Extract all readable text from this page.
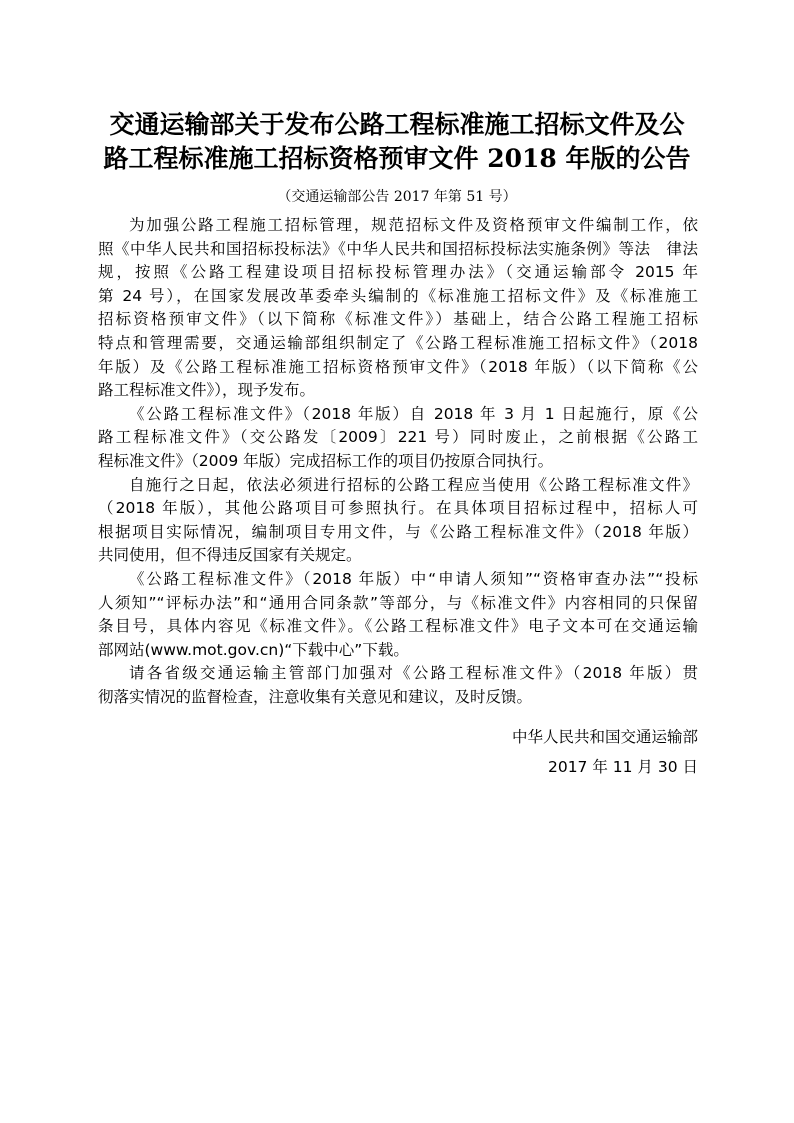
交通运输部关于发布公路工程标准施工招标文件及公
路工程标准施工招标资格预审文件 2018 年版的公告
（交通运输部公告 2017 年第 51 号）
为加强公路工程施工招标管理，规范招标文件及资格预审文件编制工作，依
照《中华人民共和国招标投标法》《中华人民共和国招标投标法实施条例》等法　律法
规，按照《公路工程建设项目招标投标管理办法》（交通运输部令 2015 年
第 24 号），在国家发展改革委牵头编制的《标准施工招标文件》及《标准施工
招标资格预审文件》（以下简称《标准文件》）基础上，结合公路工程施工招标
特点和管理需要，交通运输部组织制定了《公路工程标准施工招标文件》（2018
年版）及《公路工程标准施工招标资格预审文件》（2018 年版）（以下简称《公
路工程标准文件》），现予发布。
《公路工程标准文件》（2018 年版）自 2018 年 3 月 1 日起施行，原《公
路工程标准文件》（交公路发〔2009〕221 号）同时废止，之前根据《公路工
程标准文件》（2009 年版）完成招标工作的项目仍按原合同执行。
自施行之日起，依法必须进行招标的公路工程应当使用《公路工程标准文件》
（2018 年版），其他公路项目可参照执行。在具体项目招标过程中，招标人可
根据项目实际情况，编制项目专用文件，与《公路工程标准文件》（2018 年版）
共同使用，但不得违反国家有关规定。
《公路工程标准文件》（2018 年版）中“申请人须知”“资格审查办法”“投标
人须知”“评标办法”和“通用合同条款”等部分，与《标准文件》内容相同的只保留
条目号，具体内容见《标准文件》。《公路工程标准文件》电子文本可在交通运输
部网站(www.mot.gov.cn)“下载中心”下载。
请各省级交通运输主管部门加强对《公路工程标准文件》（2018 年版）贯
彻落实情况的监督检查，注意收集有关意见和建议，及时反馈。
中华人民共和国交通运输部
2017 年 11 月 30 日
